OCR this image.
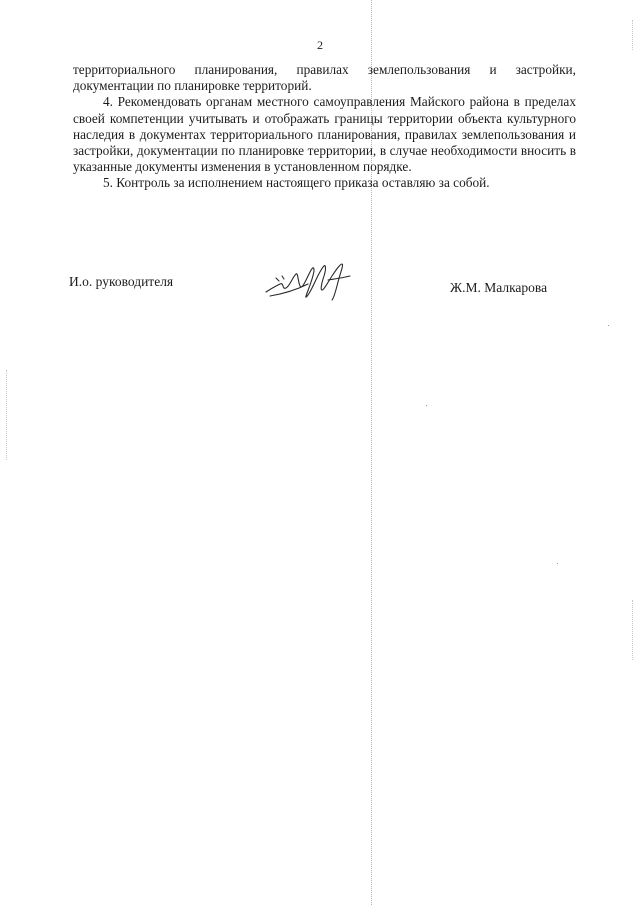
2

территориального планирования, правилах землепользования и застройки, документации по планировке территорий.

4. Рекомендовать органам местного самоуправления Майского района в пределах своей компетенции учитывать и отображать границы территории объекта культурного наследия в документах территориального планирования, правилах землепользования и застройки, документации по планировке территории, в случае необходимости вносить в указанные документы изменения в установленном порядке.

5. Контроль за исполнением настоящего приказа оставляю за собой.

И.о. руководителя	Ж.М. Малкарова
